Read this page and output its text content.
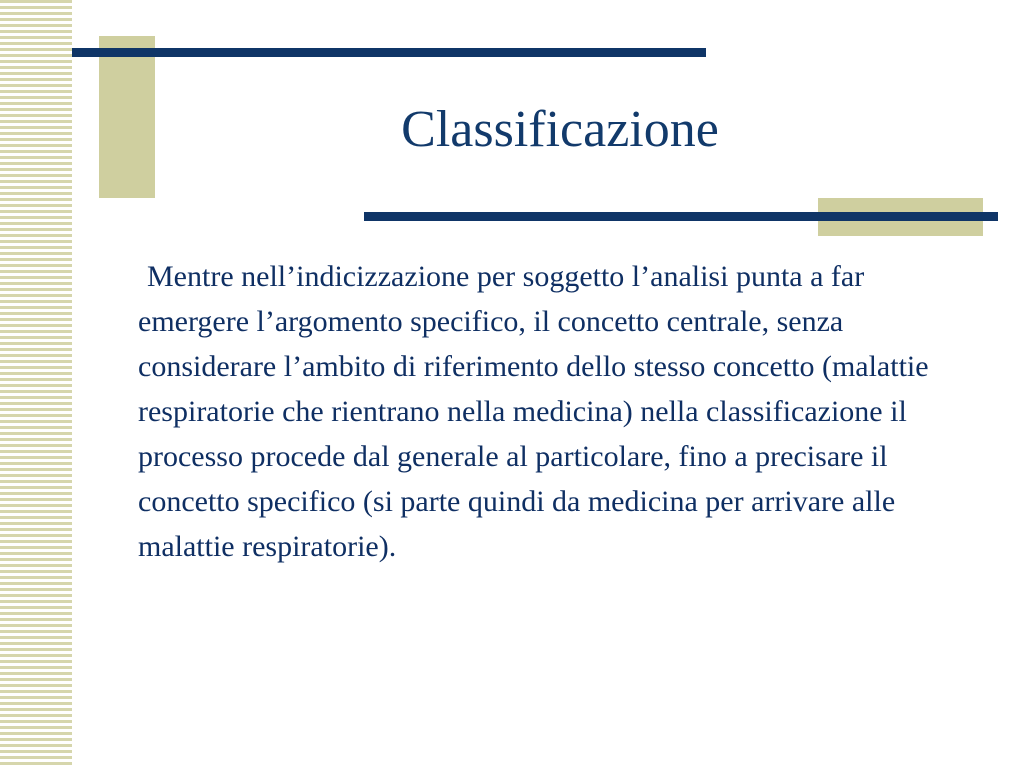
Classificazione

Mentre nell’indicizzazione per soggetto l’analisi punta a far emergere l’argomento specifico, il concetto centrale, senza considerare l’ambito di riferimento dello stesso concetto (malattie respiratorie che rientrano nella medicina) nella classificazione il processo procede dal generale al particolare, fino a precisare il concetto specifico (si parte quindi da medicina per arrivare alle malattie respiratorie).
